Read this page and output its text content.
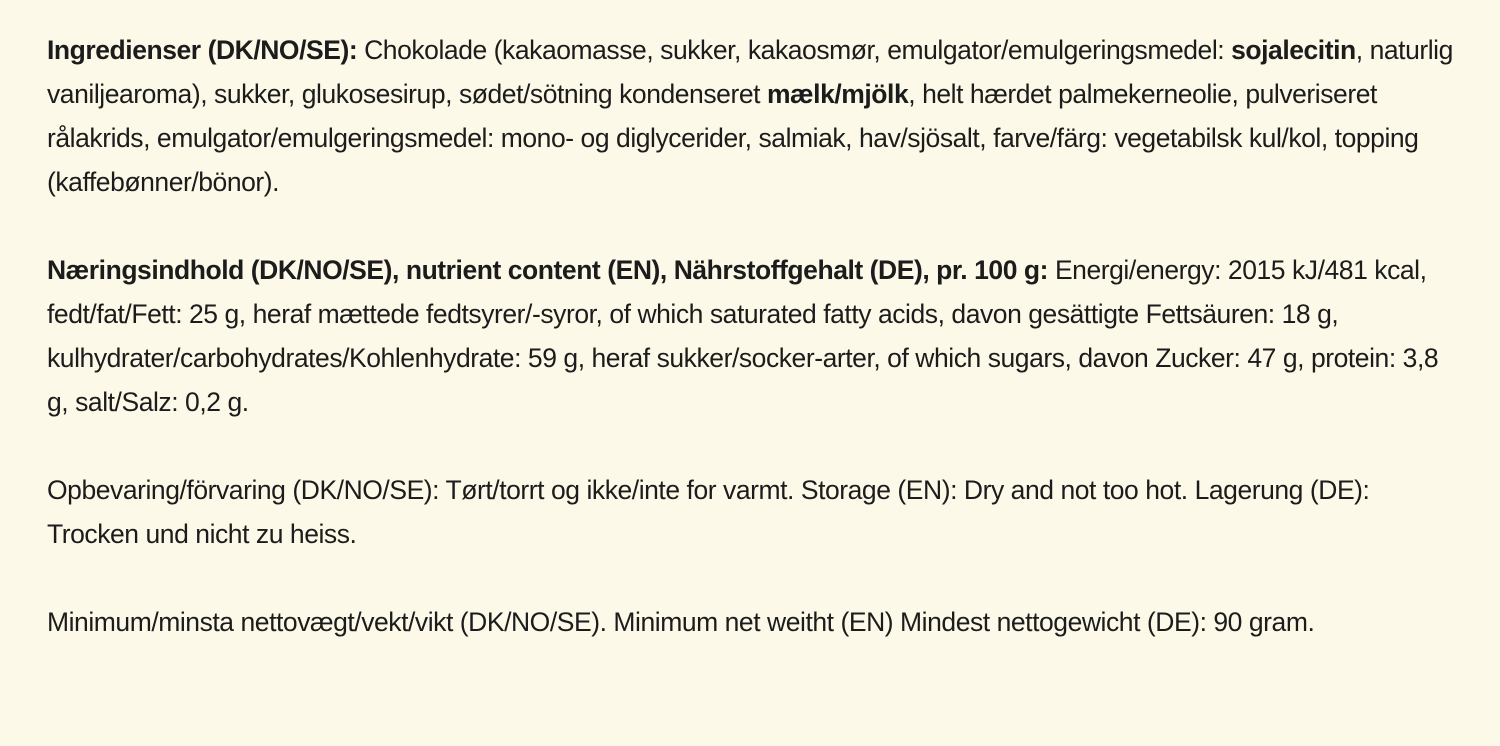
Ingredienser (DK/NO/SE): Chokolade (kakaomasse, sukker, kakaosmør, emulgator/emulgeringsmedel: sojalecitin, naturlig vaniljearoma), sukker, glukosesirup, sødet/sötning kondenseret mælk/mjölk, helt hærdet palmekerneolie, pulveriseret rålakrids, emulgator/emulgeringsmedel: mono- og diglycerider, salmiak, hav/sjösalt, farve/färg: vegetabilsk kul/kol, topping (kaffebønner/bönor).

Næringsindhold (DK/NO/SE), nutrient content (EN), Nährstoffgehalt (DE), pr. 100 g: Energi/energy: 2015 kJ/481 kcal, fedt/fat/Fett: 25 g, heraf mættede fedtsyrer/-syror, of which saturated fatty acids, davon gesättigte Fettsäuren: 18 g, kulhydrater/carbohydrates/Kohlenhydrate: 59 g, heraf sukker/socker-arter, of which sugars, davon Zucker: 47 g, protein: 3,8 g, salt/Salz: 0,2 g.

Opbevaring/förvaring (DK/NO/SE): Tørt/torrt og ikke/inte for varmt. Storage (EN): Dry and not too hot. Lagerung (DE): Trocken und nicht zu heiss.

Minimum/minsta nettovægt/vekt/vikt (DK/NO/SE). Minimum net weitht (EN) Mindest nettogewicht (DE): 90 gram.
